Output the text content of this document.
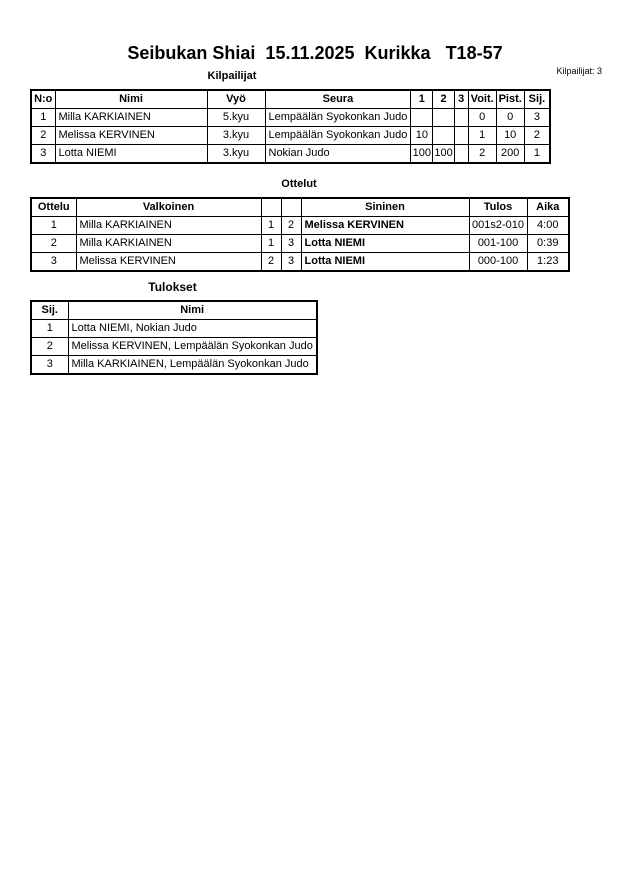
Seibukan Shiai  15.11.2025  Kurikka   T18-57
Kilpailijat: 3
Kilpailijat
N:o	Nimi	Vyö	Seura	1	2	3	Voit.	Pist.	Sij.
1	Milla KARKIAINEN	5.kyu	Lempäälän Syokonkan Judo				0	0	3
2	Melissa KERVINEN	3.kyu	Lempäälän Syokonkan Judo	10			1	10	2
3	Lotta NIEMI	3.kyu	Nokian Judo	100	100		2	200	1
Ottelut
Ottelu	Valkoinen			Sininen	Tulos	Aika
1	Milla KARKIAINEN	1	2	Melissa KERVINEN	001s2-010	4:00
2	Milla KARKIAINEN	1	3	Lotta NIEMI	001-100	0:39
3	Melissa KERVINEN	2	3	Lotta NIEMI	000-100	1:23
Tulokset
Sij.	Nimi
1	Lotta NIEMI, Nokian Judo
2	Melissa KERVINEN, Lempäälän Syokonkan Judo
3	Milla KARKIAINEN, Lempäälän Syokonkan Judo
